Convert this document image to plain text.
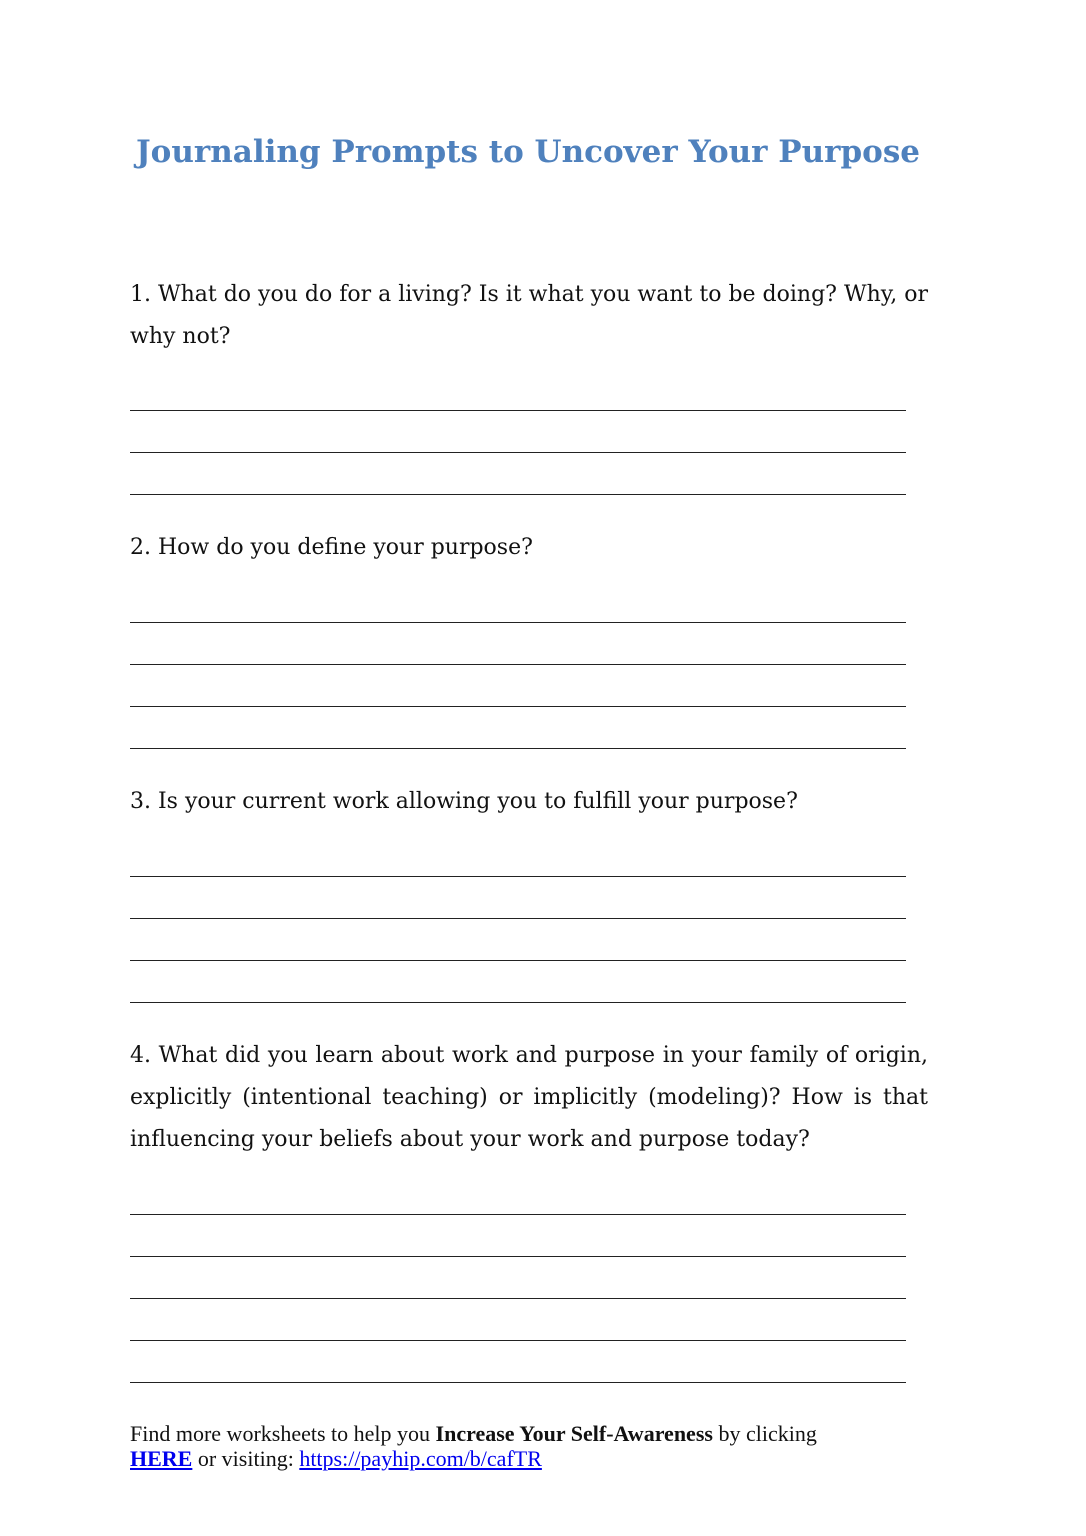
Journaling Prompts to Uncover Your Purpose

1. What do you do for a living? Is it what you want to be doing? Why, or why not?

2. How do you define your purpose?

3. Is your current work allowing you to fulfill your purpose?

4. What did you learn about work and purpose in your family of origin, explicitly (intentional teaching) or implicitly (modeling)? How is that influencing your beliefs about your work and purpose today?

Find more worksheets to help you Increase Your Self-Awareness by clicking
HERE or visiting: https://payhip.com/b/cafTR
